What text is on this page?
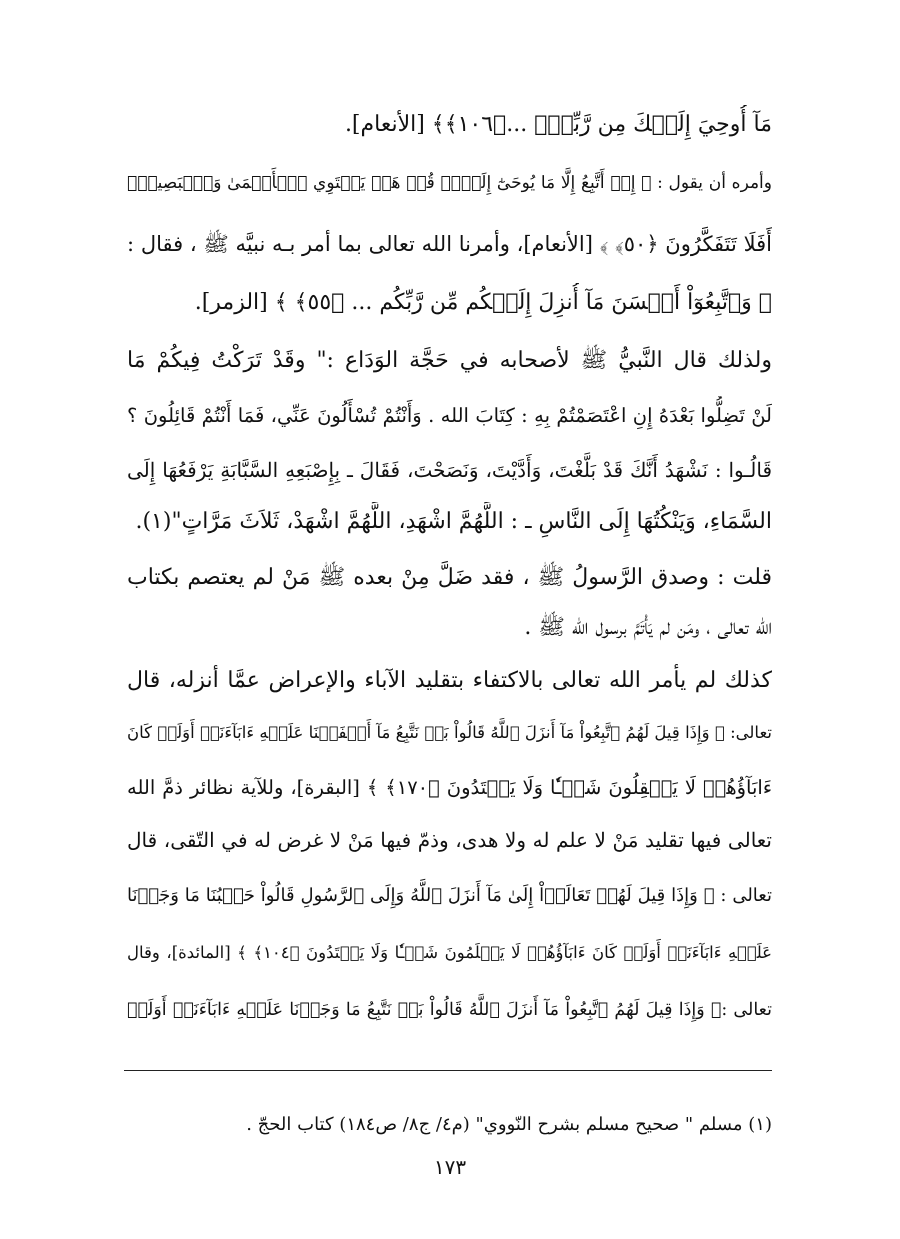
مَآ أُوحِيَ إِلَيۡكَ مِن رَّبِّكَۖ ...﴿١٠٦﴾﴾ [الأنعام].

وأمره أن يقول : ﴿ إِنۡ أَتَّبِعُ إِلَّا مَا يُوحَىٰٓ إِلَيَّۚ قُلۡ هَلۡ يَسۡتَوِي ٱلۡأَعۡمَىٰ وَٱلۡبَصِيرُۚ

أَفَلَا تَتَفَكَّرُونَ ﴿٥٠﴾ ﴾ [الأنعام]، وأمرنا الله تعالى بما أمر بـه نبيَّه ﷺ ، فقال :

﴿ وَٱتَّبِعُوٓاْ أَحۡسَنَ مَآ أُنزِلَ إِلَيۡكُم مِّن رَّبِّكُم ... ﴿٥٥﴾ ﴾ [الزمر].

ولذلك قال النَّبيُّ ﷺ لأصحابه في حَجَّة الوَدَاع :" وقَدْ تَرَكْتُ فِيكُمْ مَا

لَنْ تَضِلُّوا بَعْدَهُ إِنِ اعْتَصَمْتُمْ بِهِ : كِتَابَ الله . وَأَنْتُمْ تُسْأَلُونَ عَنِّي، فَمَا أَنْتُمْ قَائِلُونَ ؟

قَالُـوا : نَشْهَدُ أَنَّكَ قَدْ بَلَّغْتَ، وَأَدَّيْتَ، وَنَصَحْتَ، فَقَالَ ـ بِإِصْبَعِهِ السَّبَّابَةِ يَرْفَعُهَا إِلَى

السَّمَاءِ، وَيَنْكُتُهَا إِلَى النَّاسِ ـ : اللَّهُمَّ اشْهَدِ، اللَّهُمَّ اشْهَدْ، ثَلاَثَ مَرَّاتٍ"(١).

قلت : وصدق الرَّسولُ ﷺ ، فقد ضَلَّ مِنْ بعده ﷺ مَنْ لم يعتصم بكتاب

الله تعالى ، ومَن لم يَأْتَمَّ برسول الله ﷺ .

كذلك لم يأمر الله تعالى بالاكتفاء بتقليد الآباء والإعراض عمَّا أنزله، قال

تعالى: ﴿ وَإِذَا قِيلَ لَهُمُ ٱتَّبِعُواْ مَآ أَنزَلَ ٱللَّهُ قَالُواْ بَلۡ نَتَّبِعُ مَآ أَلۡفَيۡنَا عَلَيۡهِ ءَابَآءَنَآۚ أَوَلَوۡ كَانَ

ءَابَآؤُهُمۡ لَا يَعۡقِلُونَ شَيۡـٔٗا وَلَا يَهۡتَدُونَ ﴿١٧٠﴾ ﴾ [البقرة]، وللآية نظائر ذمَّ الله

تعالى فيها تقليد مَنْ لا علم له ولا هدى، وذمّ فيها مَنْ لا غرض له في التّقى، قال

تعالى : ﴿ وَإِذَا قِيلَ لَهُمۡ تَعَالَوۡاْ إِلَىٰ مَآ أَنزَلَ ٱللَّهُ وَإِلَى ٱلرَّسُولِ قَالُواْ حَسۡبُنَا مَا وَجَدۡنَا

عَلَيۡهِ ءَابَآءَنَآۚ أَوَلَوۡ كَانَ ءَابَآؤُهُمۡ لَا يَعۡلَمُونَ شَيۡـٔٗا وَلَا يَهۡتَدُونَ ﴿١٠٤﴾ ﴾ [المائدة]، وقال

تعالى :﴿ وَإِذَا قِيلَ لَهُمُ ٱتَّبِعُواْ مَآ أَنزَلَ ٱللَّهُ قَالُواْ بَلۡ نَتَّبِعُ مَا وَجَدۡنَا عَلَيۡهِ ءَابَآءَنَآۚ أَوَلَوۡ

(١) مسلم " صحيح مسلم بشرح النّووي" (م٤/ ج٨/ ص١٨٤) كتاب الحجّ .

١٧٣
